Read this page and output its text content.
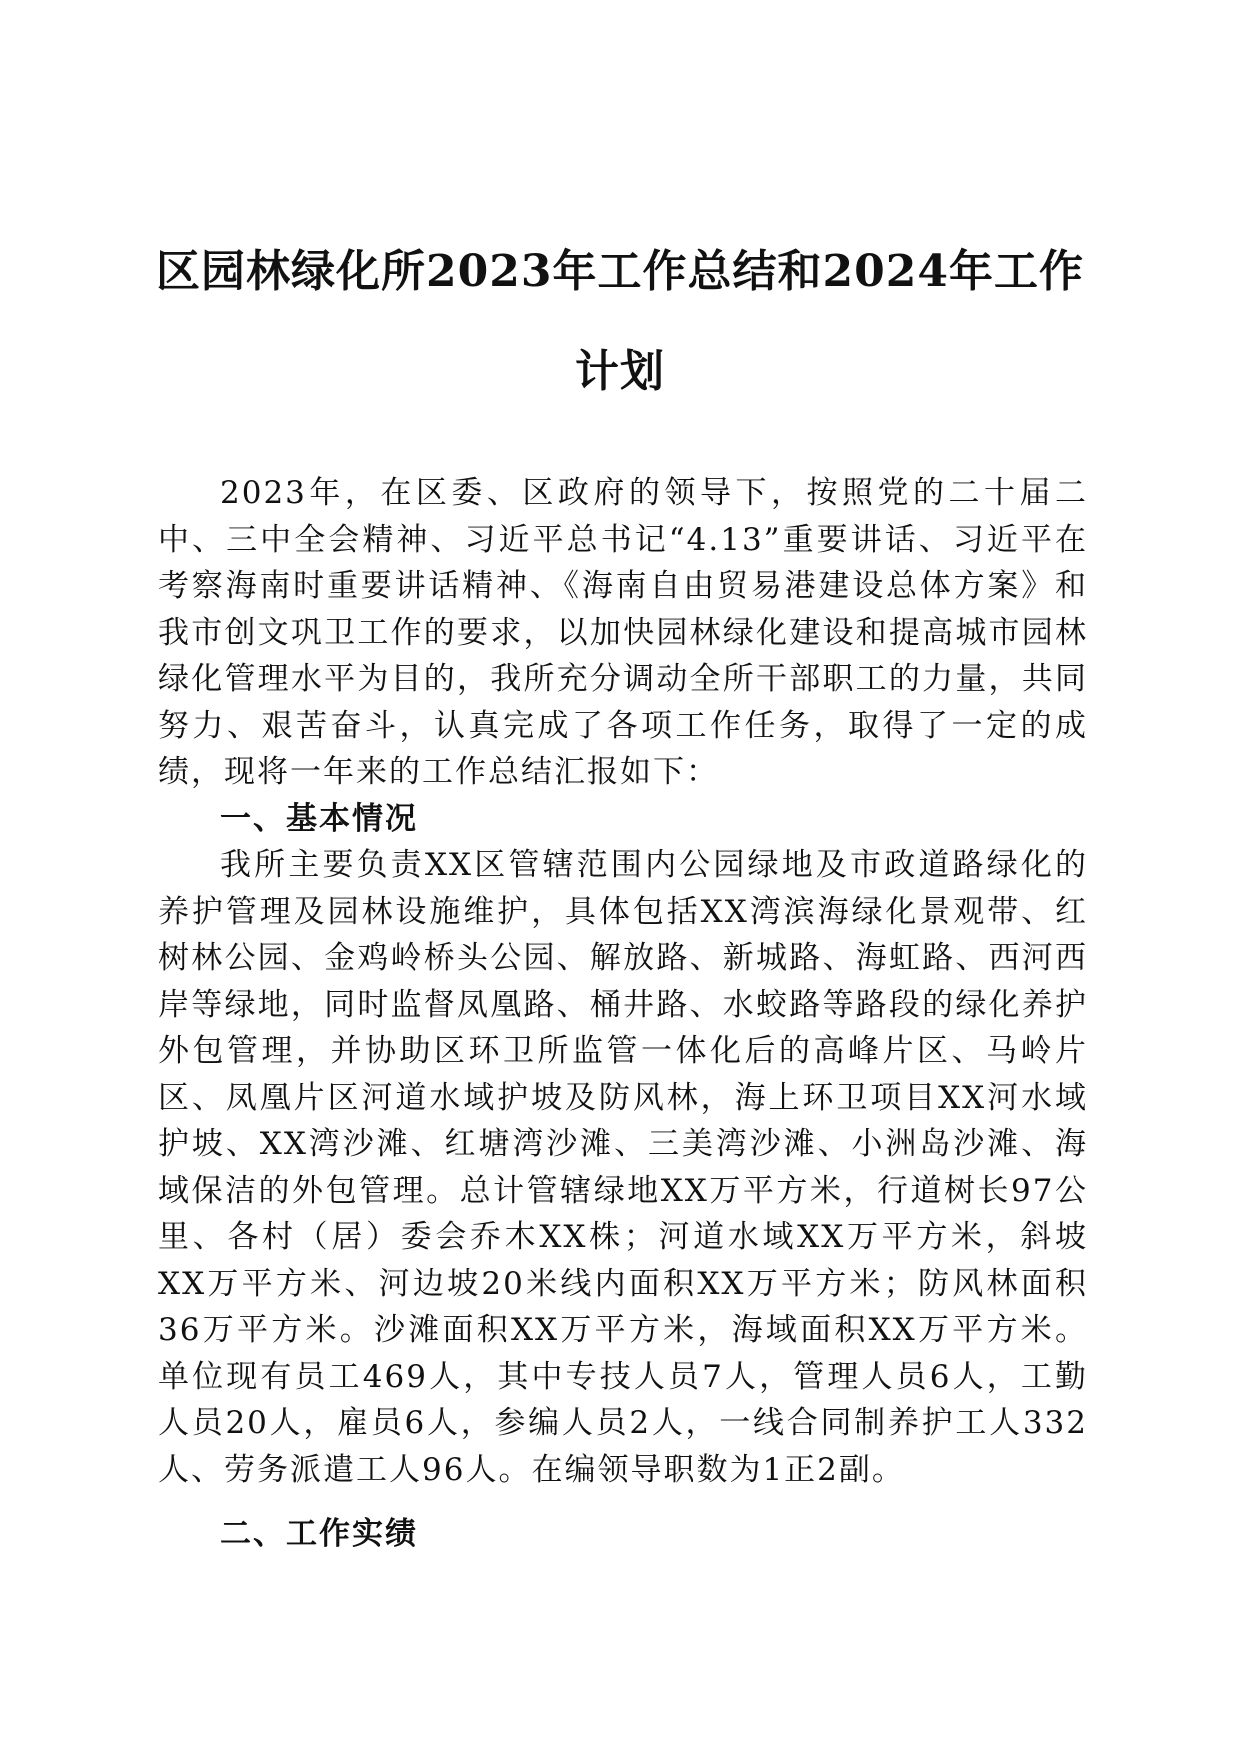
区园林绿化所2023年工作总结和2024年工作
计划

2023年，在区委、区政府的领导下，按照党的二十届二中、三中全会精神、习近平总书记“4.13”重要讲话、习近平在考察海南时重要讲话精神、《海南自由贸易港建设总体方案》和我市创文巩卫工作的要求，以加快园林绿化建设和提高城市园林绿化管理水平为目的，我所充分调动全所干部职工的力量，共同努力、艰苦奋斗，认真完成了各项工作任务，取得了一定的成绩，现将一年来的工作总结汇报如下：

一、基本情况

我所主要负责XX区管辖范围内公园绿地及市政道路绿化的养护管理及园林设施维护，具体包括XX湾滨海绿化景观带、红树林公园、金鸡岭桥头公园、解放路、新城路、海虹路、西河西岸等绿地，同时监督凤凰路、桶井路、水蛟路等路段的绿化养护外包管理，并协助区环卫所监管一体化后的高峰片区、马岭片区、凤凰片区河道水域护坡及防风林，海上环卫项目XX河水域护坡、XX湾沙滩、红塘湾沙滩、三美湾沙滩、小洲岛沙滩、海域保洁的外包管理。总计管辖绿地XX万平方米，行道树长97公里、各村（居）委会乔木XX株；河道水域XX万平方米，斜坡XX万平方米、河边坡20米线内面积XX万平方米；防风林面积36万平方米。沙滩面积XX万平方米，海域面积XX万平方米。单位现有员工469人，其中专技人员7人，管理人员6人，工勤人员20人，雇员6人，参编人员2人，一线合同制养护工人332人、劳务派遣工人96人。在编领导职数为1正2副。

二、工作实绩
